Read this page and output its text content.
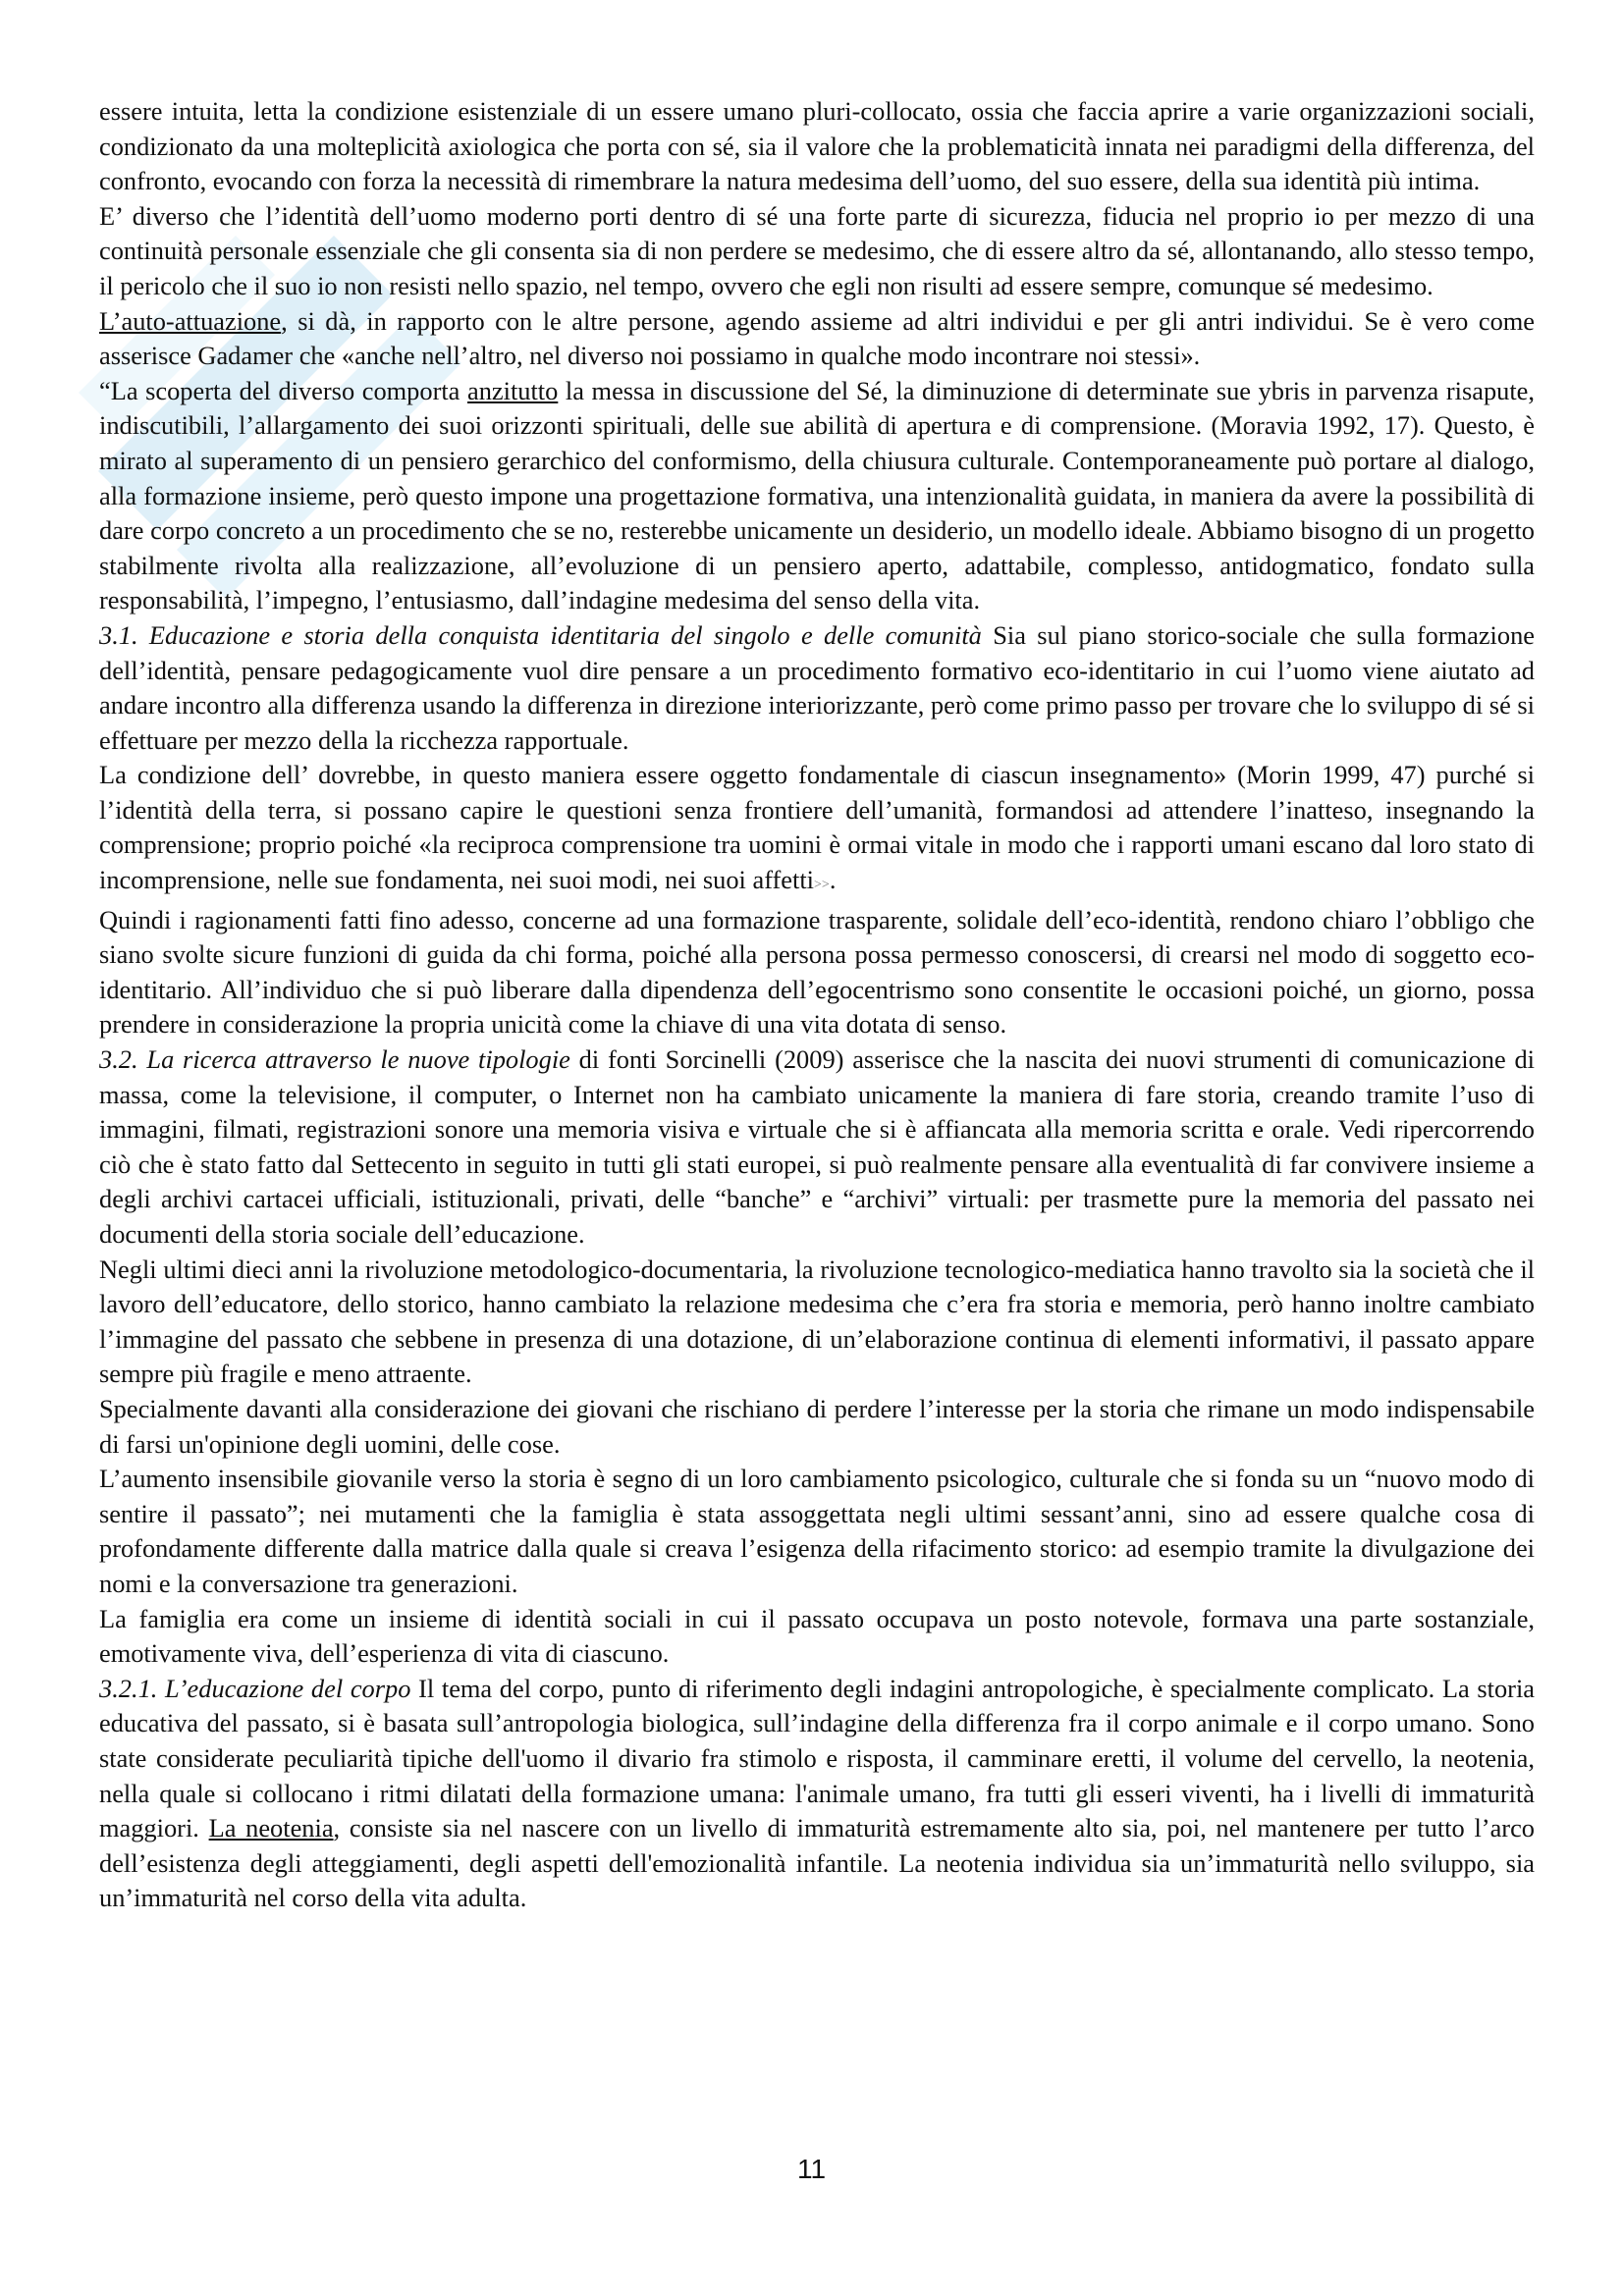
essere intuita, letta la condizione esistenziale di un essere umano pluri-collocato, ossia che faccia aprire a varie organizzazioni sociali, condizionato da una molteplicità axiologica che porta con sé, sia il valore che la problematicità innata nei paradigmi della differenza, del confronto, evocando con forza la necessità di rimembrare la natura medesima dell’uomo, del suo essere, della sua identità più intima.

E’ diverso che l’identità dell’uomo moderno porti dentro di sé una forte parte di sicurezza, fiducia nel proprio io per mezzo di una continuità personale essenziale che gli consenta sia di non perdere se medesimo, che di essere altro da sé, allontanando, allo stesso tempo, il pericolo che il suo io non resisti nello spazio, nel tempo, ovvero che egli non risulti ad essere sempre, comunque sé medesimo.

L’auto-attuazione, si dà, in rapporto con le altre persone, agendo assieme ad altri individui e per gli antri individui. Se è vero come asserisce Gadamer che «anche nell’altro, nel diverso noi possiamo in qualche modo incontrare noi stessi».

“La scoperta del diverso comporta anzitutto la messa in discussione del Sé, la diminuzione di determinate sue ybris in parvenza risapute, indiscutibili, l’allargamento dei suoi orizzonti spirituali, delle sue abilità di apertura e di comprensione. (Moravia 1992, 17). Questo, è mirato al superamento di un pensiero gerarchico del conformismo, della chiusura culturale. Contemporaneamente può portare al dialogo, alla formazione insieme, però questo impone una progettazione formativa, una intenzionalità guidata, in maniera da avere la possibilità di dare corpo concreto a un procedimento che se no, resterebbe unicamente un desiderio, un modello ideale. Abbiamo bisogno di un progetto stabilmente rivolta alla realizzazione, all’evoluzione di un pensiero aperto, adattabile, complesso, antidogmatico, fondato sulla responsabilità, l’impegno, l’entusiasmo, dall’indagine medesima del senso della vita.

3.1. Educazione e storia della conquista identitaria del singolo e delle comunità Sia sul piano storico-sociale che sulla formazione dell’identità, pensare pedagogicamente vuol dire pensare a un procedimento formativo eco-identitario in cui l’uomo viene aiutato ad andare incontro alla differenza usando la differenza in direzione interiorizzante, però come primo passo per trovare che lo sviluppo di sé si effettuare per mezzo della la ricchezza rapportuale.

La condizione dell’ dovrebbe, in questo maniera essere oggetto fondamentale di ciascun insegnamento» (Morin 1999, 47) purché si l’identità della terra, si possano capire le questioni senza frontiere dell’umanità, formandosi ad attendere l’inatteso, insegnando la comprensione; proprio poiché «la reciproca comprensione tra uomini è ormai vitale in modo che i rapporti umani escano dal loro stato di incomprensione, nelle sue fondamenta, nei suoi modi, nei suoi affetti>>.

Quindi i ragionamenti fatti fino adesso, concerne ad una formazione trasparente, solidale dell’eco-identità, rendono chiaro l’obbligo che siano svolte sicure funzioni di guida da chi forma, poiché alla persona possa permesso conoscersi, di crearsi nel modo di soggetto eco-identitario. All’individuo che si può liberare dalla dipendenza dell’egocentrismo sono consentite le occasioni poiché, un giorno, possa prendere in considerazione la propria unicità come la chiave di una vita dotata di senso.

3.2. La ricerca attraverso le nuove tipologie di fonti Sorcinelli (2009) asserisce che la nascita dei nuovi strumenti di comunicazione di massa, come la televisione, il computer, o Internet non ha cambiato unicamente la maniera di fare storia, creando tramite l’uso di immagini, filmati, registrazioni sonore una memoria visiva e virtuale che si è affiancata alla memoria scritta e orale. Vedi ripercorrendo ciò che è stato fatto dal Settecento in seguito in tutti gli stati europei, si può realmente pensare alla eventualità di far convivere insieme a degli archivi cartacei ufficiali, istituzionali, privati, delle “banche” e “archivi” virtuali: per trasmette pure la memoria del passato nei documenti della storia sociale dell’educazione.

Negli ultimi dieci anni la rivoluzione metodologico-documentaria, la rivoluzione tecnologico-mediatica hanno travolto sia la società che il lavoro dell’educatore, dello storico, hanno cambiato la relazione medesima che c’era fra storia e memoria, però hanno inoltre cambiato l’immagine del passato che sebbene in presenza di una dotazione, di un’elaborazione continua di elementi informativi, il passato appare sempre più fragile e meno attraente.

Specialmente davanti alla considerazione dei giovani che rischiano di perdere l’interesse per la storia che rimane un modo indispensabile di farsi un'opinione degli uomini, delle cose.

L’aumento insensibile giovanile verso la storia è segno di un loro cambiamento psicologico, culturale che si fonda su un “nuovo modo di sentire il passato”; nei mutamenti che la famiglia è stata assoggettata negli ultimi sessant’anni, sino ad essere qualche cosa di profondamente differente dalla matrice dalla quale si creava l’esigenza della rifacimento storico: ad esempio tramite la divulgazione dei nomi e la conversazione tra generazioni.

La famiglia era come un insieme di identità sociali in cui il passato occupava un posto notevole, formava una parte sostanziale, emotivamente viva, dell’esperienza di vita di ciascuno.

3.2.1. L’educazione del corpo Il tema del corpo, punto di riferimento degli indagini antropologiche, è specialmente complicato. La storia educativa del passato, si è basata sull’antropologia biologica, sull’indagine della differenza fra il corpo animale e il corpo umano. Sono state considerate peculiarità tipiche dell'uomo il divario fra stimolo e risposta, il camminare eretti, il volume del cervello, la neotenia, nella quale si collocano i ritmi dilatati della formazione umana: l'animale umano, fra tutti gli esseri viventi, ha i livelli di immaturità maggiori. La neotenia, consiste sia nel nascere con un livello di immaturità estremamente alto sia, poi, nel mantenere per tutto l’arco dell’esistenza degli atteggiamenti, degli aspetti dell'emozionalità infantile. La neotenia individua sia un’immaturità nello sviluppo, sia un’immaturità nel corso della vita adulta.

11
